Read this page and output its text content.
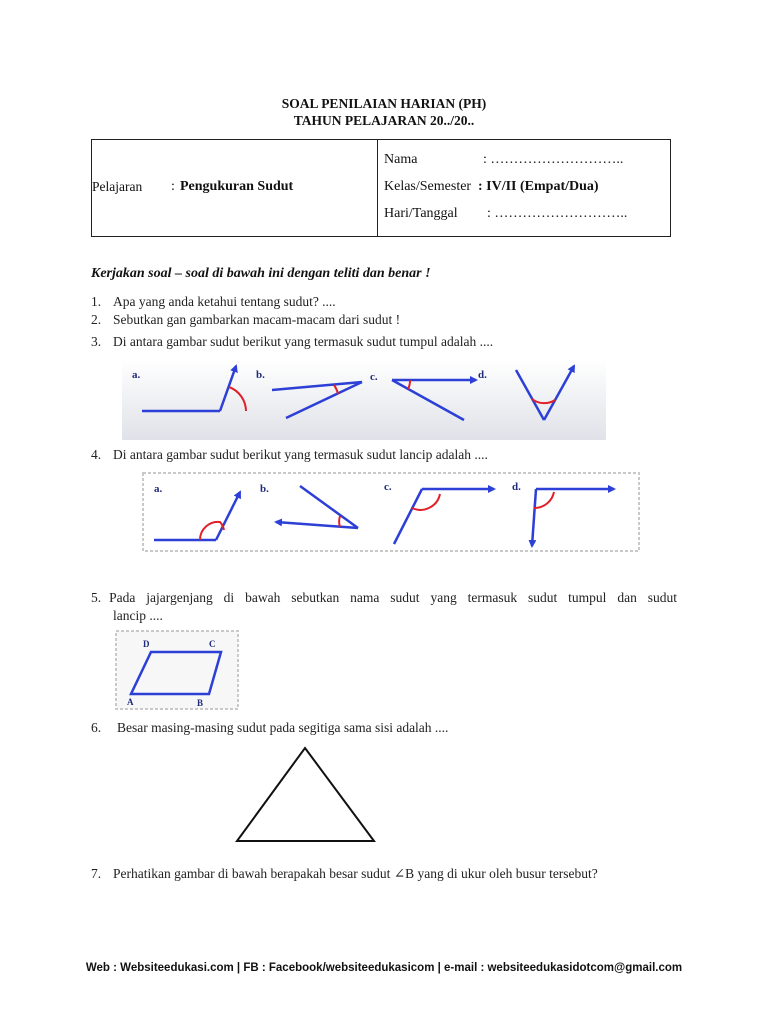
SOAL PENILAIAN HARIAN (PH)
TAHUN PELAJARAN 20../20..
Pelajaran : Pengukuran Sudut
Nama	: ………………………..
Kelas/Semester : IV/II (Empat/Dua)
Hari/Tanggal : ………………………..
Kerjakan soal – soal di bawah ini dengan teliti dan benar !
1. Apa yang anda ketahui tentang sudut? ....
2. Sebutkan gan gambarkan macam-macam dari sudut !
3. Di antara gambar sudut berikut yang termasuk sudut tumpul adalah ....
a.	b.	c.	d.
4. Di antara gambar sudut berikut yang termasuk sudut lancip adalah ....
a.	b.	c.	d.
5. Pada jajargenjang di bawah sebutkan nama sudut yang termasuk sudut tumpul dan sudut
lancip ....
D	C
A	B
6. Besar masing-masing sudut pada segitiga sama sisi adalah ....
7. Perhatikan gambar di bawah berapakah besar sudut ∠B yang di ukur oleh busur tersebut?
Web : Websiteedukasi.com | FB : Facebook/websiteedukasicom | e-mail : websiteedukasidotcom@gmail.com
